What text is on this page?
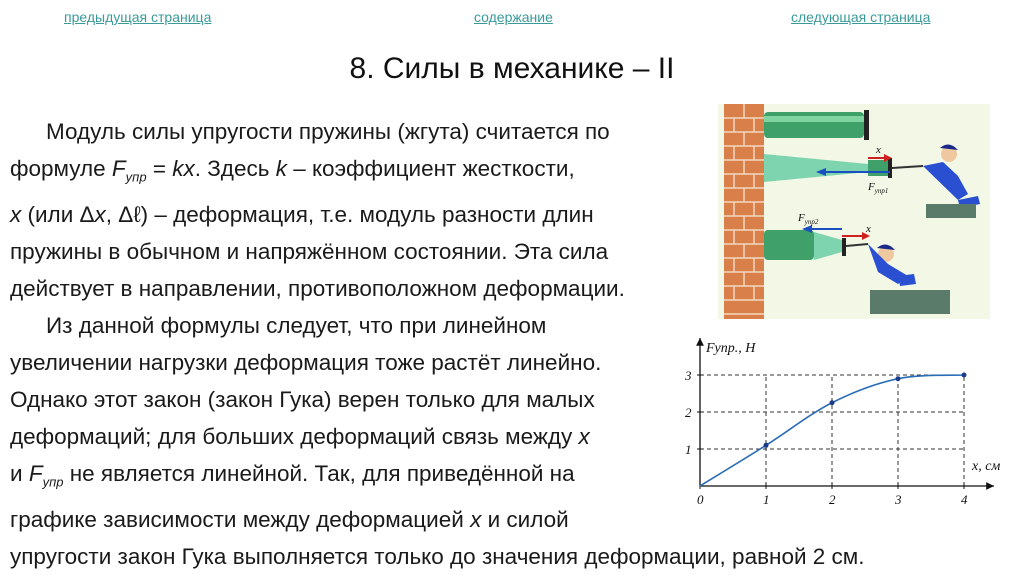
предыдущая страница	содержание	следующая страница
8. Силы в механике – II

Модуль силы упругости пружины (жгута) считается по
формуле $F_{упр}$ = kx. Здесь k – коэффициент жесткости,
x (или Δx, Δℓ) – деформация, т.е. модуль разности длин
пружины в обычном и напряжённом состоянии. Эта сила
действует в направлении, противоположном деформации.

x
$F_{упр1}$
x
$F_{упр2}$

Из данной формулы следует, что при линейном
увеличении нагрузки деформация тоже растёт линейно.
Однако этот закон (закон Гука) верен только для малых
деформаций; для больших деформаций связь между x
и $F_{упр}$ не является линейной. Так, для приведённой на
графике зависимости между деформацией x и силой
упругости закон Гука выполняется только до значения деформации, равной 2 см.

Fупр., Н
x, см
0	1	2	3	4
1
2
3
